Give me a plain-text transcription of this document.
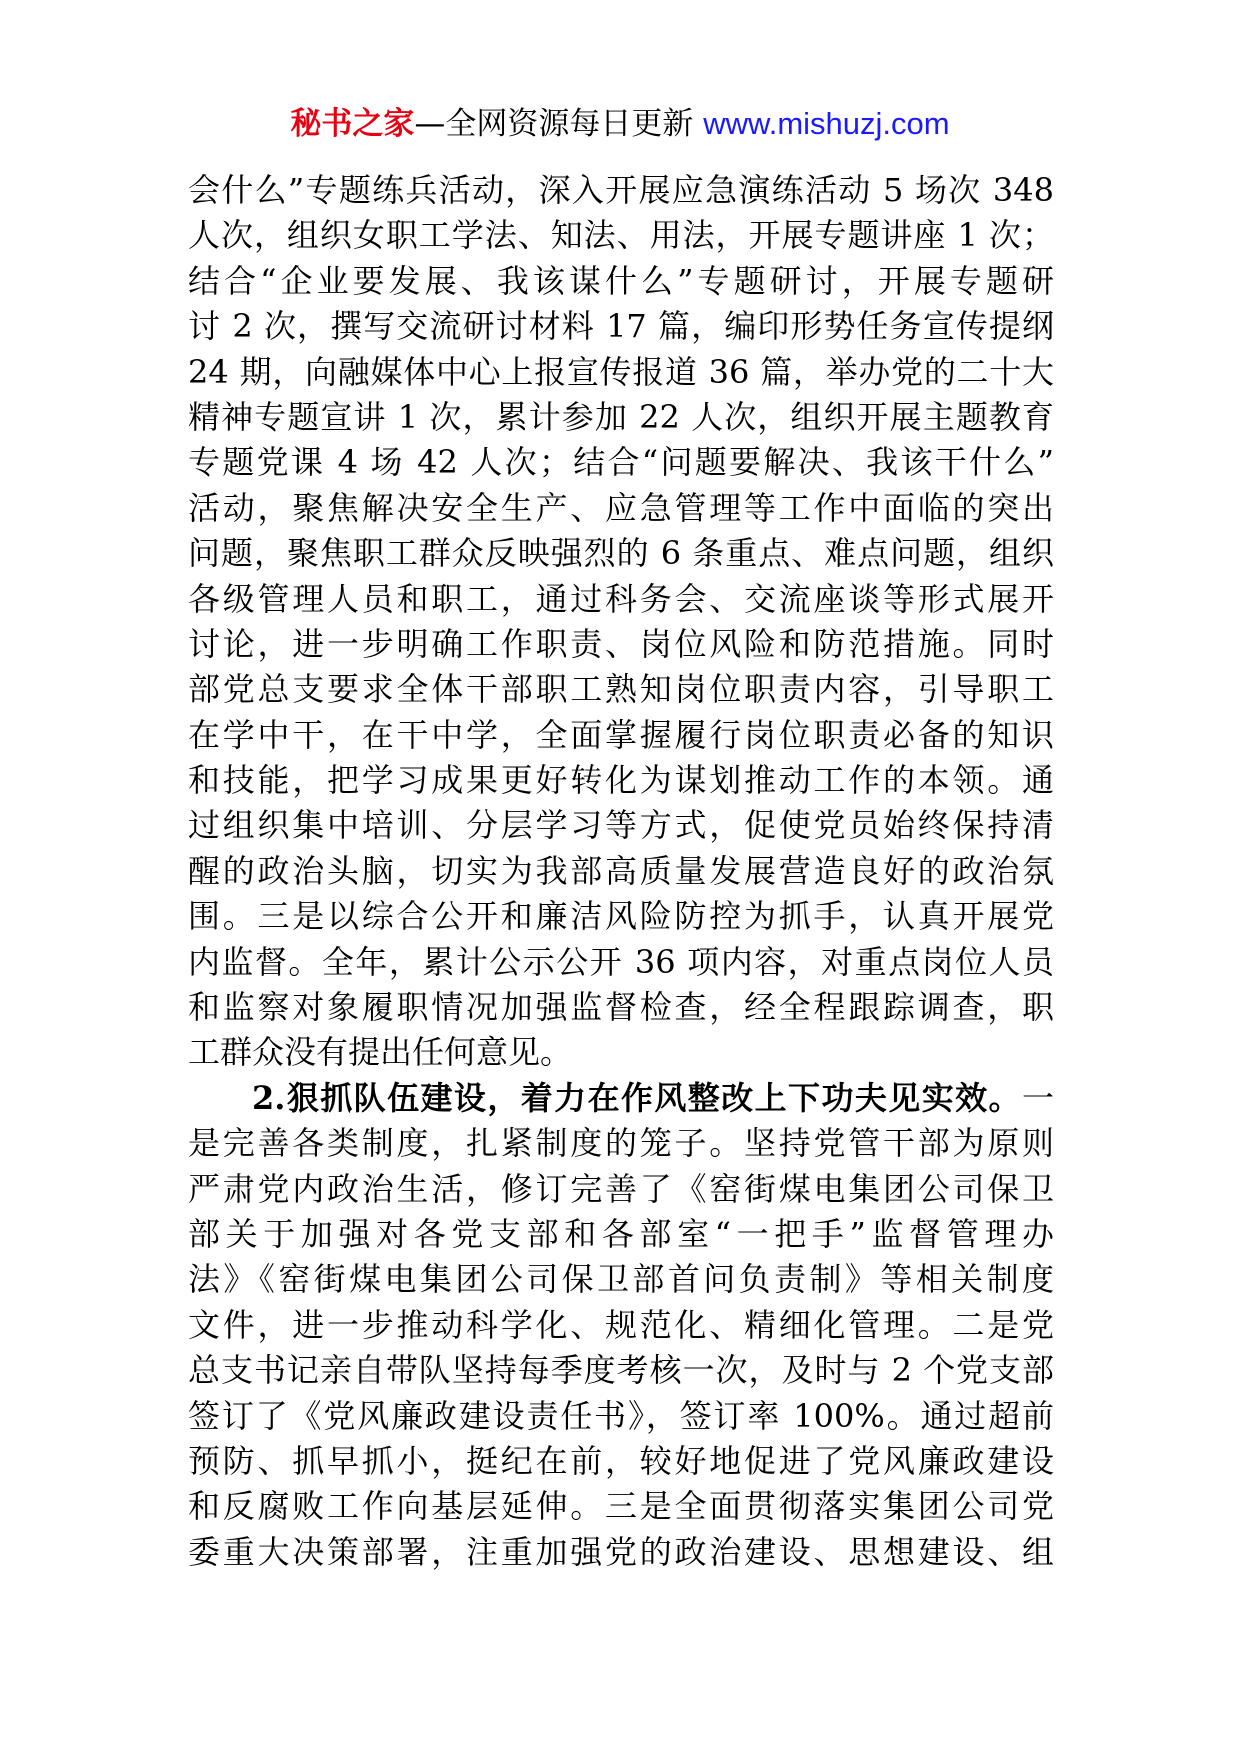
秘书之家—全网资源每日更新 www.mishuzj.com
会什么”专题练兵活动，深入开展应急演练活动 5 场次 348
人次，组织女职工学法、知法、用法，开展专题讲座 1 次；
结合“企业要发展、我该谋什么”专题研讨，开展专题研
讨 2 次，撰写交流研讨材料 17 篇，编印形势任务宣传提纲
24 期，向融媒体中心上报宣传报道 36 篇，举办党的二十大
精神专题宣讲 1 次，累计参加 22 人次，组织开展主题教育
专题党课 4 场 42 人次；结合“问题要解决、我该干什么”
活动，聚焦解决安全生产、应急管理等工作中面临的突出
问题，聚焦职工群众反映强烈的 6 条重点、难点问题，组织
各级管理人员和职工，通过科务会、交流座谈等形式展开
讨论，进一步明确工作职责、岗位风险和防范措施。同时
部党总支要求全体干部职工熟知岗位职责内容，引导职工
在学中干，在干中学，全面掌握履行岗位职责必备的知识
和技能，把学习成果更好转化为谋划推动工作的本领。通
过组织集中培训、分层学习等方式，促使党员始终保持清
醒的政治头脑，切实为我部高质量发展营造良好的政治氛
围。三是以综合公开和廉洁风险防控为抓手，认真开展党
内监督。全年，累计公示公开 36 项内容，对重点岗位人员
和监察对象履职情况加强监督检查，经全程跟踪调查，职
工群众没有提出任何意见。
2.狠抓队伍建设，着力在作风整改上下功夫见实效。一
是完善各类制度，扎紧制度的笼子。坚持党管干部为原则
严肃党内政治生活，修订完善了《窑街煤电集团公司保卫
部关于加强对各党支部和各部室“一把手”监督管理办
法》《窑街煤电集团公司保卫部首问负责制》等相关制度
文件，进一步推动科学化、规范化、精细化管理。二是党
总支书记亲自带队坚持每季度考核一次，及时与 2 个党支部
签订了《党风廉政建设责任书》，签订率 100%。通过超前
预防、抓早抓小，挺纪在前，较好地促进了党风廉政建设
和反腐败工作向基层延伸。三是全面贯彻落实集团公司党
委重大决策部署，注重加强党的政治建设、思想建设、组
